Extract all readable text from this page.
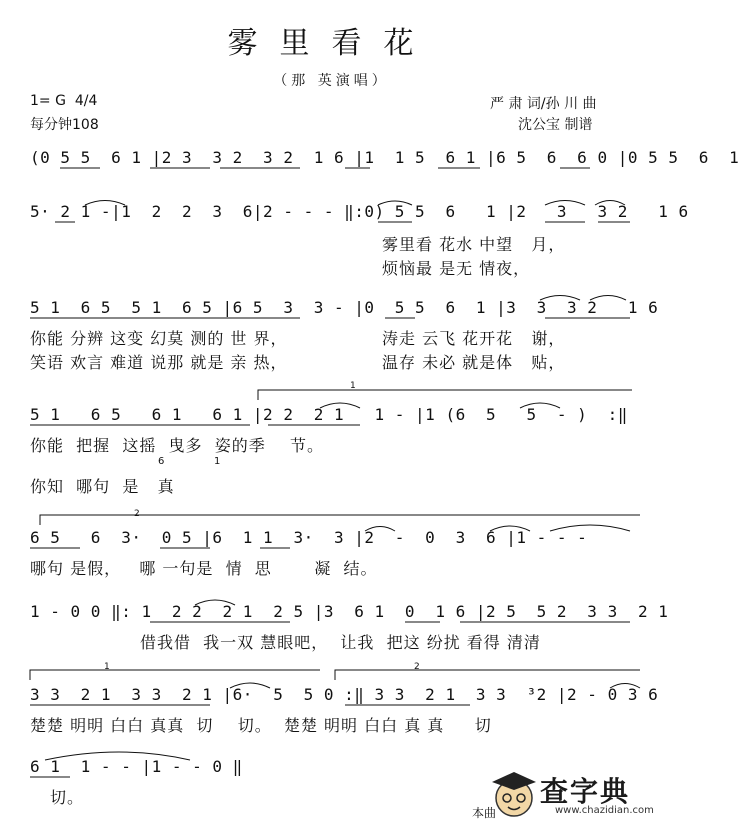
雾里看花
（那 英演唱）
1= G  4/4
每分钟108
严 肃 词/孙 川 曲
沈公宝 制谱
(0 5 5  6 1 |2 3  3 2  3 2  1 6 |1  1 5  6 1 |6 5  6  6 0 |0 5 5  6  1
5· 2 1 -|1  2  2  3  6|2 - - - ‖:0) 5 5  6   1 |2   3   3 2   1 6
雾里看 花水 中望   月，
烦恼最 是无 情夜，
5 1  6 5  5 1  6 5 |6 5  3  3 - |0  5 5  6  1 |3  3  3 2   1 6
你能 分辨 这变 幻莫 测的 世 界，
笑语 欢言 难道 说那 就是 亲 热，
涛走 云飞 花开花   谢，
温存 未必 就是体   贴，
1
5 1   6 5   6 1   6 1 |2 2  2 1   1 - |1 (6  5   5  - )  :‖
你能  把握  这摇  曳多  姿的季    节。
6	1
你知  哪句  是   真
2
6 5   6  3·  0 5 |6  1 1  3·  3 |2  -  0  3  6 |1 - - -
哪句 是假，   哪 一句是  情  思       凝  结。
1 - 0 0 ‖: 1  2 2  2 1  2 5 |3  6 1  0  1 6 |2 5  5 2  3 3  2 1
借我借  我一双 慧眼吧，  让我  把这 纷扰 看得 清清
1	2
3 3  2 1  3 3  2 1 |6·  5  5 0 :‖ 3 3  2 1  3 3  ³2 |2 - 0 3 6
楚楚 明明 白白 真真  切    切。  楚楚 明明 白白 真 真     切
6 1  1 - - |1 - - 0 ‖
切。
本曲
查字典
www.chazidian.com
